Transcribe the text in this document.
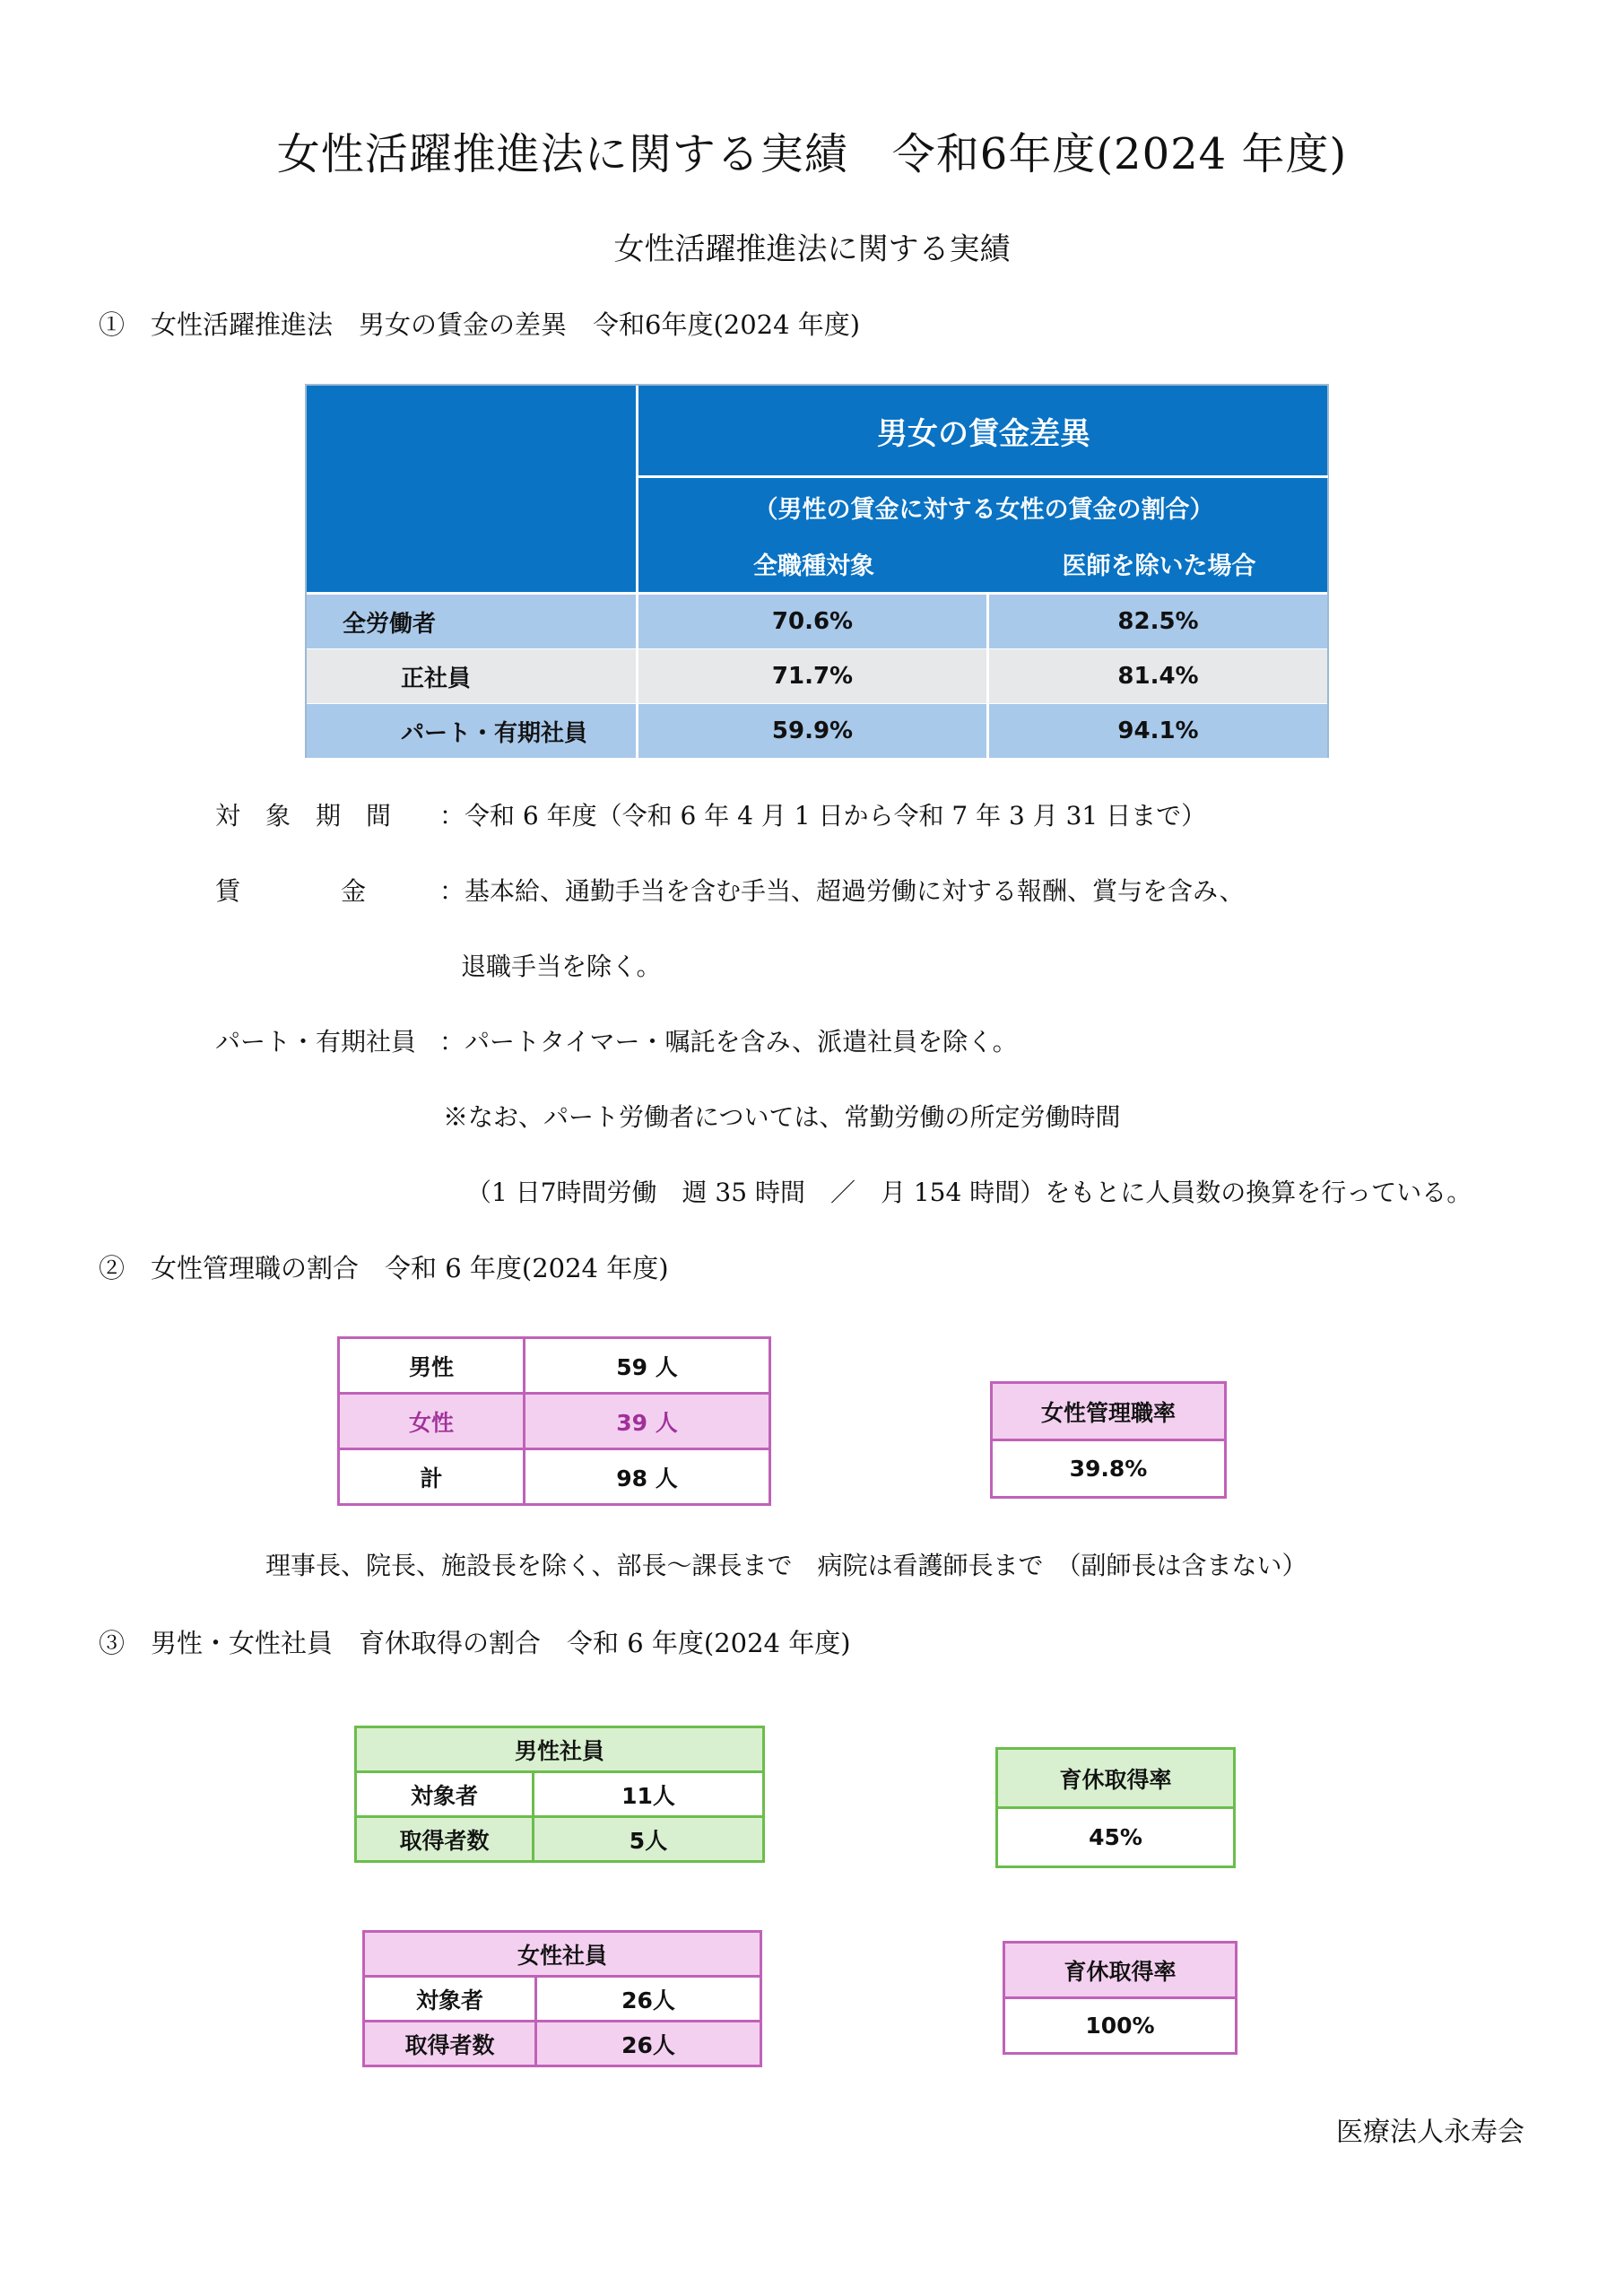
女性活躍推進法に関する実績　令和6年度(2024 年度)
女性活躍推進法に関する実績
①　女性活躍推進法　男女の賃金の差異　令和6年度(2024 年度)
男女の賃金差異
（男性の賃金に対する女性の賃金の割合）
全職種対象	医師を除いた場合
全労働者	70.6%	82.5%
正社員	71.7%	81.4%
パート・有期社員	59.9%	94.1%
対　象　期　間 ：令和 6 年度（令和 6 年 4 月 1 日から令和 7 年 3 月 31 日まで）
賃　　　　金	：基本給、通勤手当を含む手当、超過労働に対する報酬、賞与を含み、
退職手当を除く。
パート・有期社員 ：パートタイマー・嘱託を含み、派遣社員を除く。
※なお、パート労働者については、常勤労働の所定労働時間
（1 日7時間労働　週 35 時間　／　月 154 時間）をもとに人員数の換算を行っている。
②　女性管理職の割合　令和 6 年度(2024 年度)
男性	59 人
女性	39 人
計	98 人
女性管理職率
39.8%
理事長、院長、施設長を除く、部長～課長まで　病院は看護師長まで　（副師長は含まない）
③　男性・女性社員　育休取得の割合　令和 6 年度(2024 年度)
男性社員	
対象者	11人
取得者数	5人
育休取得率
45%
女性社員	
対象者	26人
取得者数	26人
育休取得率
100%
医療法人永寿会
